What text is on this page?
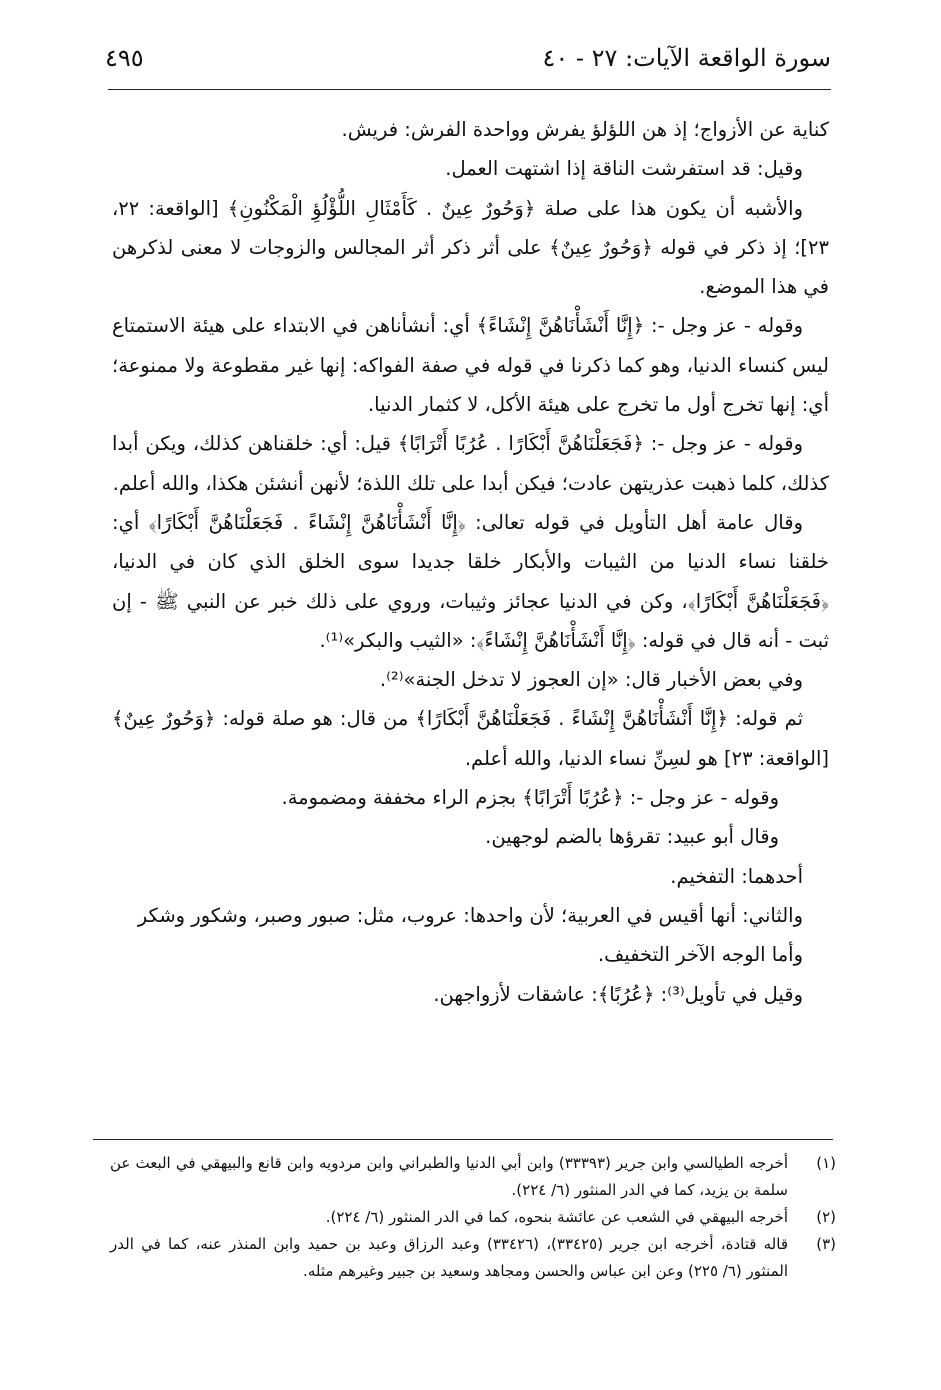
سورة الواقعة الآيات: ٢٧ - ٤٠
٤٩٥

كناية عن الأزواج؛ إذ هن اللؤلؤ يفرش وواحدة الفرش: فريش.

وقيل: قد استفرشت الناقة إذا اشتهت العمل.

والأشبه أن يكون هذا على صلة ﴿وَحُورٌ عِينٌ . كَأَمْثَالِ اللُّؤْلُؤِ الْمَكْنُونِ﴾ [الواقعة: ٢٢، ٢٣]؛ إذ ذكر في قوله ﴿وَحُورٌ عِينٌ﴾ على أثر ذكر أثر المجالس والزوجات لا معنى لذكرهن في هذا الموضع.

وقوله - عز وجل -: ﴿إِنَّا أَنْشَأْنَاهُنَّ إِنْشَاءً﴾ أي: أنشأناهن في الابتداء على هيئة الاستمتاع ليس كنساء الدنيا، وهو كما ذكرنا في قوله في صفة الفواكه: إنها غير مقطوعة ولا ممنوعة؛ أي: إنها تخرج أول ما تخرج على هيئة الأكل، لا كثمار الدنيا.

وقوله - عز وجل -: ﴿فَجَعَلْنَاهُنَّ أَبْكَارًا . عُرُبًا أَتْرَابًا﴾ قيل: أي: خلقناهن كذلك، ويكن أبدا كذلك، كلما ذهبت عذريتهن عادت؛ فيكن أبدا على تلك اللذة؛ لأنهن أنشئن هكذا، والله أعلم.

وقال عامة أهل التأويل في قوله تعالى: ﴿إِنَّا أَنْشَأْنَاهُنَّ إِنْشَاءً . فَجَعَلْنَاهُنَّ أَبْكَارًا﴾ أي: خلقنا نساء الدنيا من الثيبات والأبكار خلقا جديدا سوى الخلق الذي كان في الدنيا، ﴿فَجَعَلْنَاهُنَّ أَبْكَارًا﴾، وكن في الدنيا عجائز وثيبات، وروي على ذلك خبر عن النبي ﷺ - إن ثبت - أنه قال في قوله: ﴿إِنَّا أَنْشَأْنَاهُنَّ إِنْشَاءً﴾: «الثيب والبكر»⁽¹⁾.

وفي بعض الأخبار قال: «إن العجوز لا تدخل الجنة»⁽²⁾.

ثم قوله: ﴿إِنَّا أَنْشَأْنَاهُنَّ إِنْشَاءً . فَجَعَلْنَاهُنَّ أَبْكَارًا﴾ من قال: هو صلة قوله: ﴿وَحُورٌ عِينٌ﴾ [الواقعة: ٢٣] هو لسِنِّ نساء الدنيا، والله أعلم.

وقوله - عز وجل -: ﴿عُرُبًا أَتْرَابًا﴾ بجزم الراء مخففة ومضمومة.

وقال أبو عبيد: تقرؤها بالضم لوجهين.

أحدهما: التفخيم.

والثاني: أنها أقيس في العربية؛ لأن واحدها: عروب، مثل: صبور وصبر، وشكور وشكر

وأما الوجه الآخر التخفيف.

وقيل في تأويل⁽³⁾: ﴿عُرُبًا﴾: عاشقات لأزواجهن.

(١)
أخرجه الطيالسي وابن جرير (٣٣٣٩٣) وابن أبي الدنيا والطبراني وابن مردويه وابن قانع والبيهقي في البعث عن سلمة بن يزيد، كما في الدر المنثور (٦/ ٢٢٤).

(٢)
أخرجه البيهقي في الشعب عن عائشة بنحوه، كما في الدر المنثور (٦/ ٢٢٤).

(٣)
قاله قتادة، أخرجه ابن جرير (٣٣٤٢٥)، (٣٣٤٢٦) وعبد الرزاق وعبد بن حميد وابن المنذر عنه، كما في الدر المنثور (٦/ ٢٢٥) وعن ابن عباس والحسن ومجاهد وسعيد بن جبير وغيرهم مثله.
